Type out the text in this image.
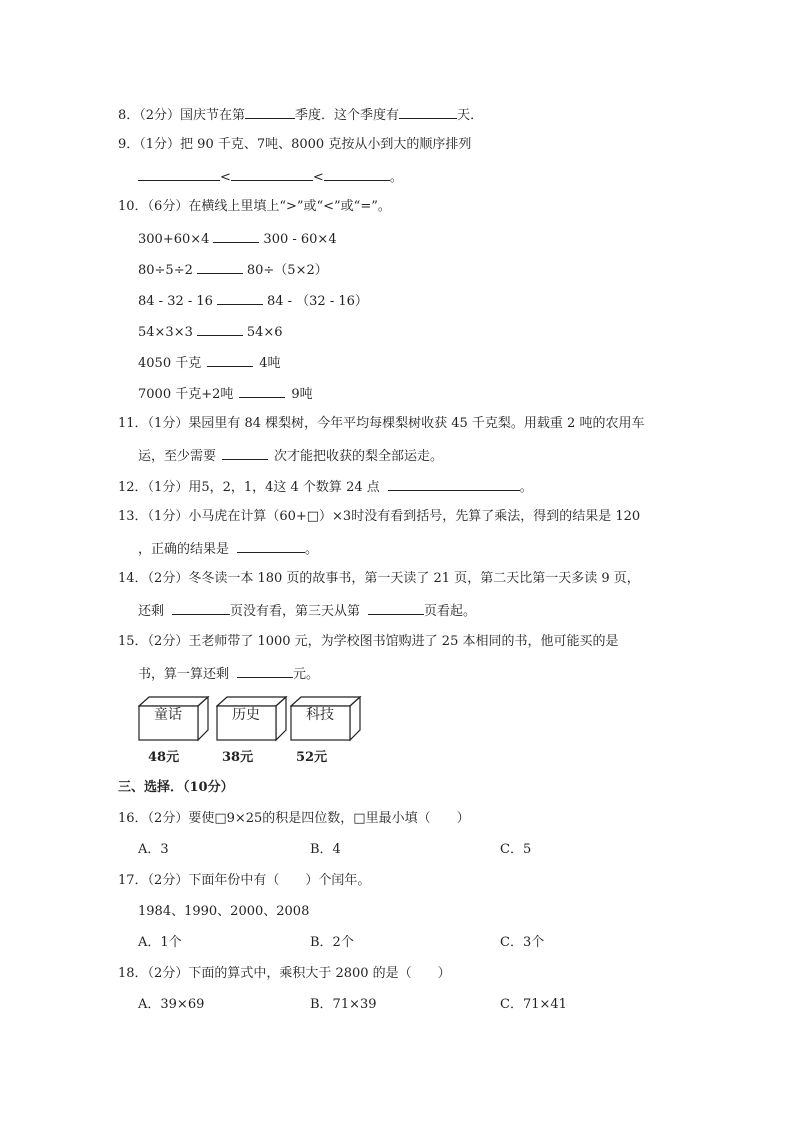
8．（2分）国庆节在第	季度．这个季度有	天．
9．（1分）把 90 千克、7吨、8000 克按从小到大的顺序排列
<	<	。
10．（6分）在横线上里填上“>”或“<”或“=”。
300+60×4	300 - 60×4
80÷5÷2	80÷（5×2）
84 - 32 - 16	84 - （32 - 16）
54×3×3	54×6
4050 千克	4吨
7000 千克+2吨	9吨
11．（1分）果园里有 84 棵梨树，今年平均每棵梨树收获 45 千克梨。用载重 2 吨的农用车
运，至少需要	次才能把收获的梨全部运走。
12．（1分）用5，2，1，4这 4 个数算 24 点	。
13．（1分）小马虎在计算（60+□）×3时没有看到括号，先算了乘法，得到的结果是 120
，正确的结果是	。
14．（2分）冬冬读一本 180 页的故事书，第一天读了 21 页，第二天比第一天多读 9 页，
还剩	页没有看，第三天从第	页看起。
15．（2分）王老师带了 1000 元，为学校图书馆购进了 25 本相同的书，他可能买的是
书，算一算还剩	元。
童话
48元
历史
38元
科技
52元
三、选择．（10分）
16．（2分）要使□9×25的积是四位数，□里最小填（　　）
A．3	B．4	C．5
17．（2分）下面年份中有（　　）个闰年。
1984、1990、2000、2008
A．1个	B．2个	C．3个
18．（2分）下面的算式中，乘积大于 2800 的是（　　）
A．39×69	B．71×39	C．71×41
